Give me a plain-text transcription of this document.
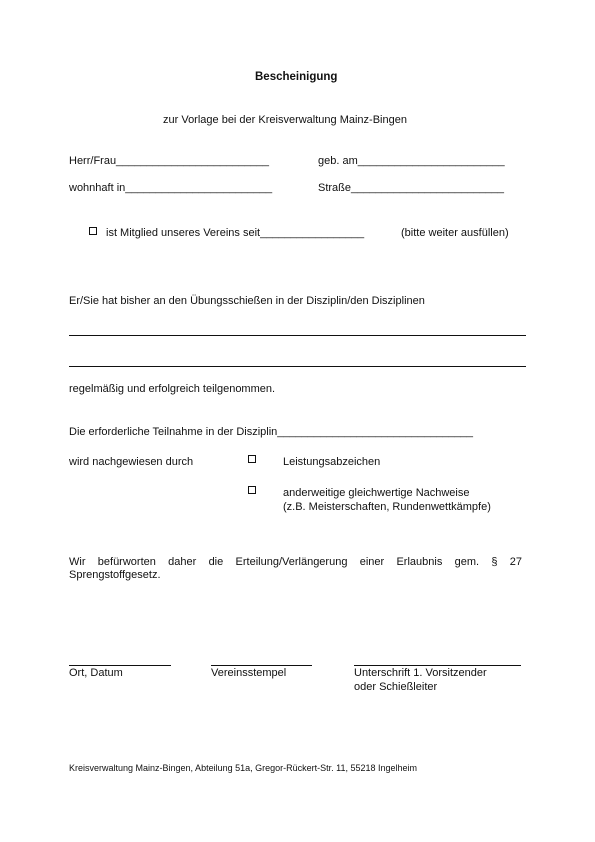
Bescheinigung
zur Vorlage bei der Kreisverwaltung Mainz-Bingen
Herr/Frau_________________________	geb. am________________________
wohnhaft in________________________	Straße_________________________
ist Mitglied unseres Vereins seit_________________	(bitte weiter ausfüllen)
Er/Sie hat bisher an den Übungsschießen in der Disziplin/den Disziplinen
regelmäßig und erfolgreich teilgenommen.
Die erforderliche Teilnahme in der Disziplin________________________________
wird nachgewiesen durch	Leistungsabzeichen
anderweitige gleichwertige Nachweise
(z.B. Meisterschaften, Rundenwettkämpfe)
Wir befürworten daher die Erteilung/Verlängerung einer Erlaubnis gem. § 27 Sprengstoffgesetz.
Ort, Datum	Vereinsstempel	Unterschrift 1. Vorsitzender
oder Schießleiter
Kreisverwaltung Mainz-Bingen, Abteilung 51a, Gregor-Rückert-Str. 11, 55218 Ingelheim
